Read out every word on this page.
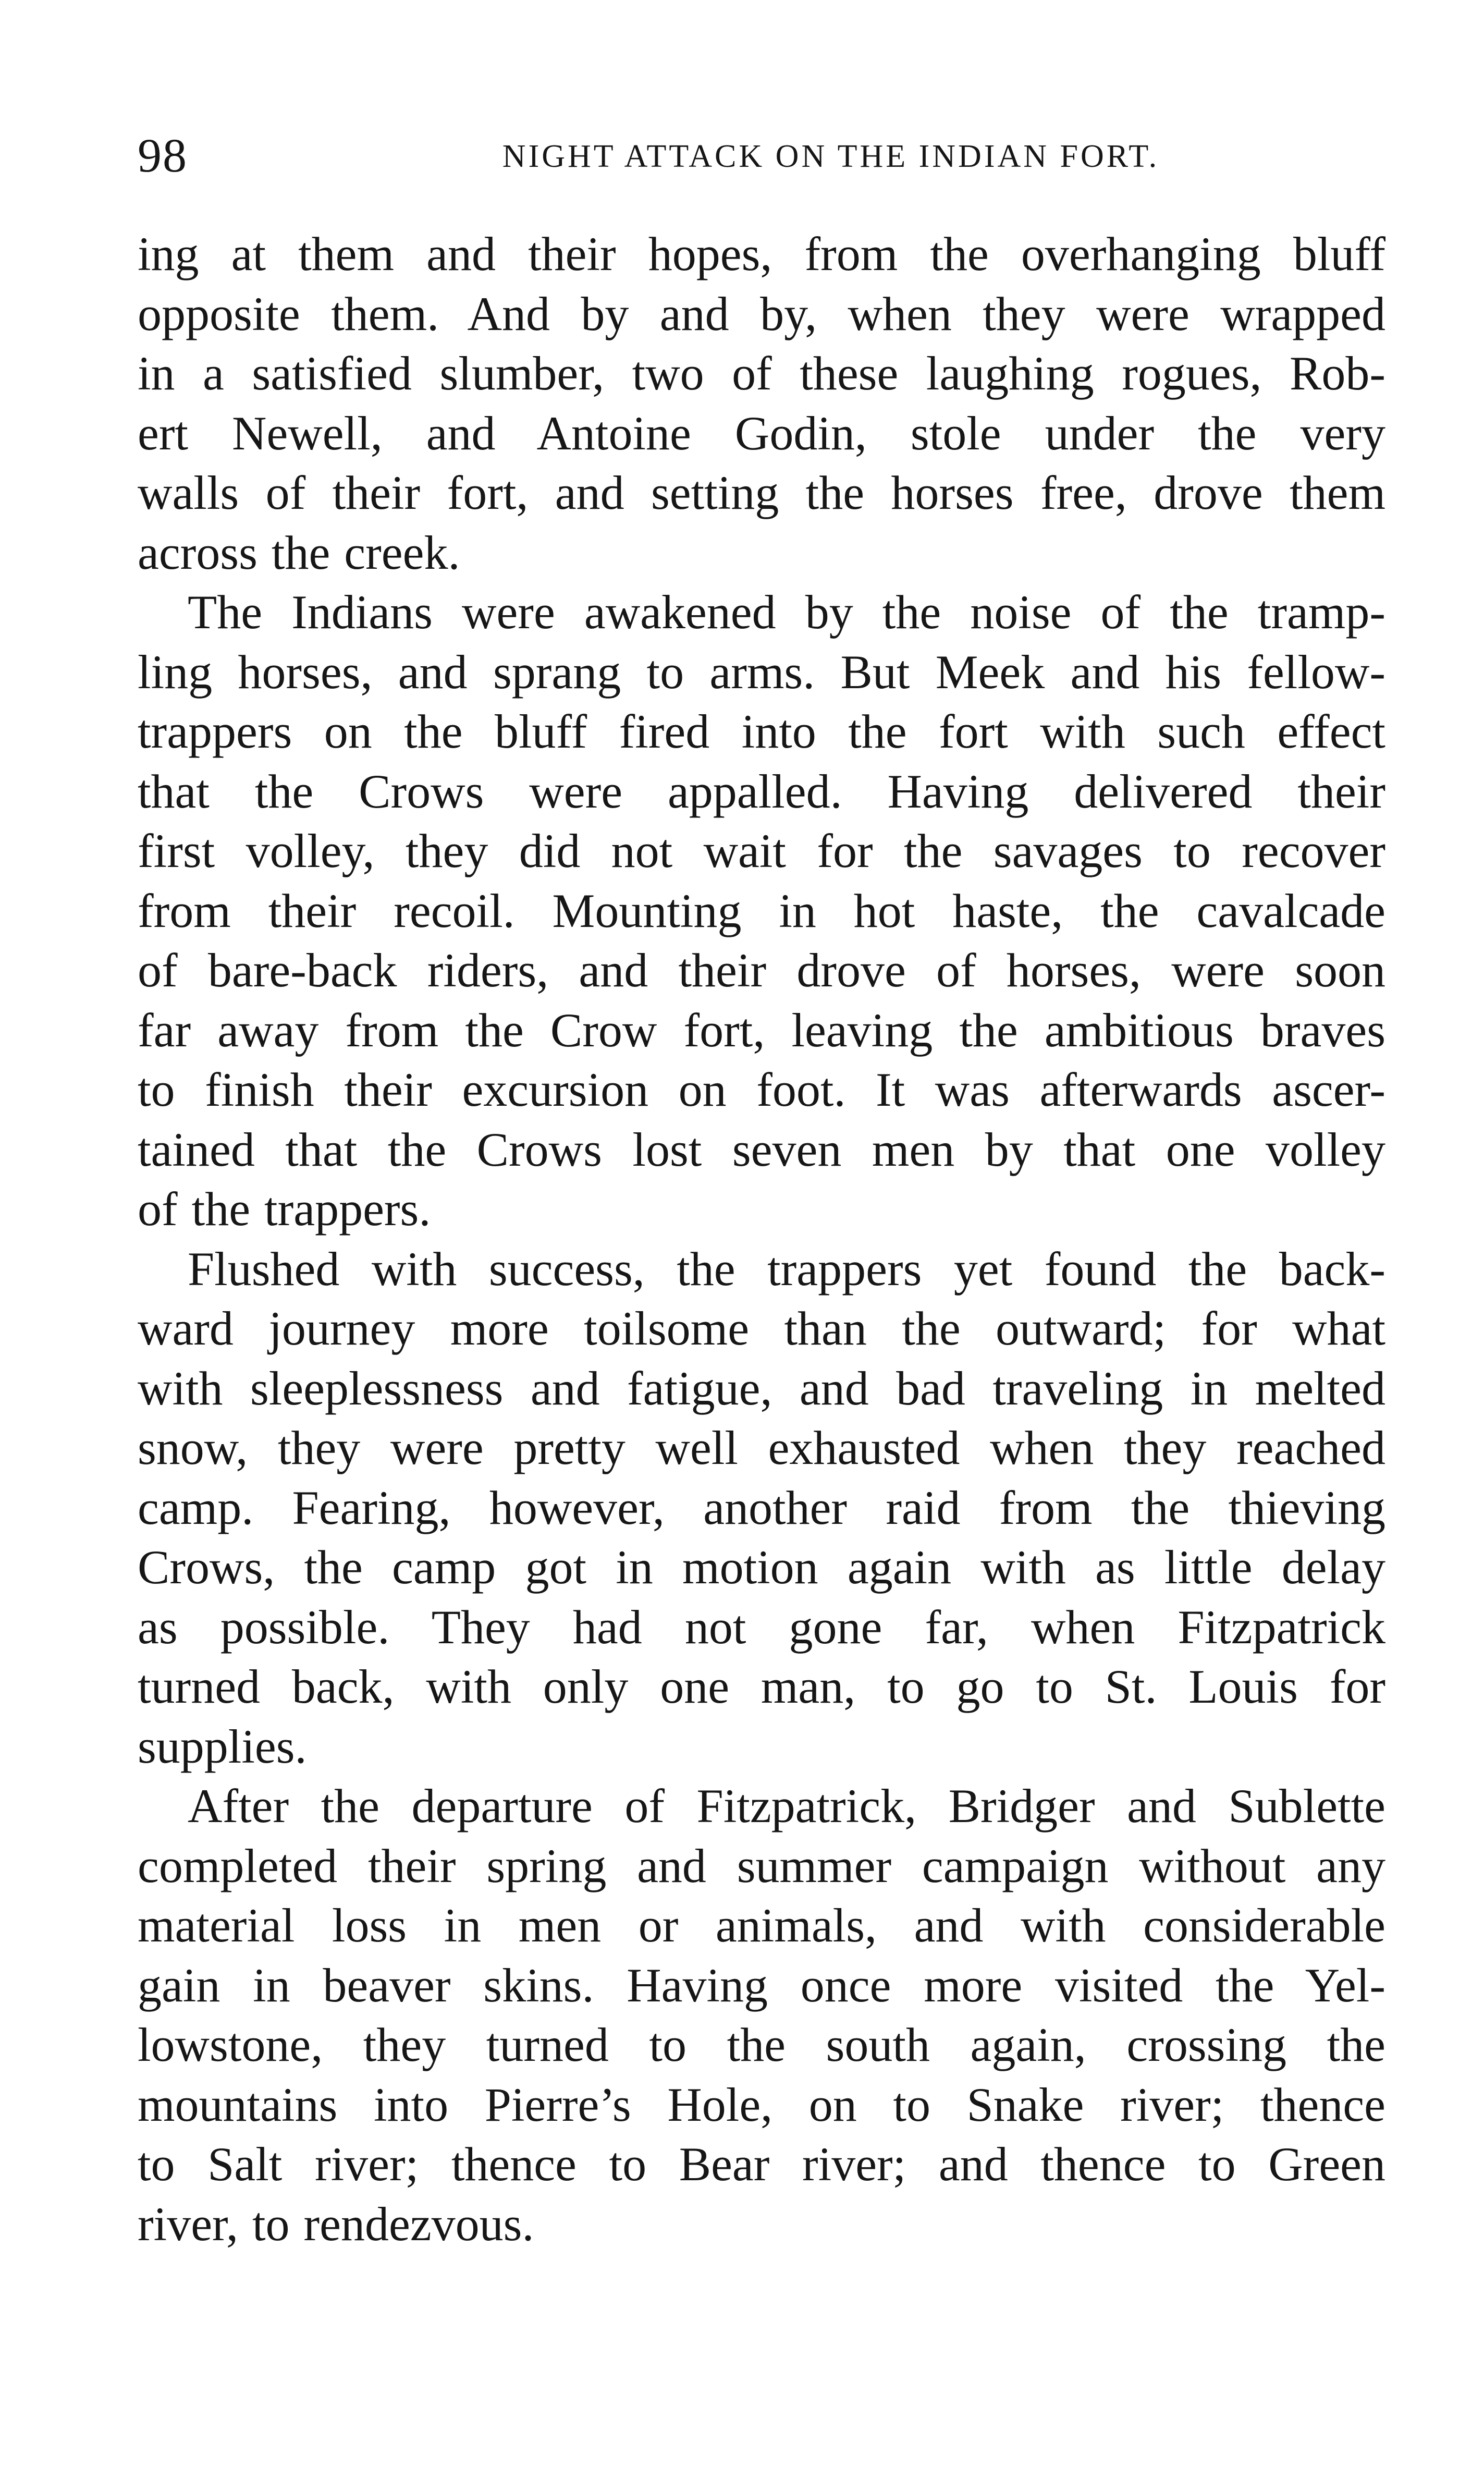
98	NIGHT ATTACK ON THE INDIAN FORT.
ing at them and their hopes, from the overhanging bluff
opposite them. And by and by, when they were wrapped
in a satisfied slumber, two of these laughing rogues, Rob-
ert Newell, and Antoine Godin, stole under the very
walls of their fort, and setting the horses free, drove them
across the creek.
The Indians were awakened by the noise of the tramp-
ling horses, and sprang to arms. But Meek and his fellow-
trappers on the bluff fired into the fort with such effect
that the Crows were appalled. Having delivered their
first volley, they did not wait for the savages to recover
from their recoil. Mounting in hot haste, the cavalcade
of bare-back riders, and their drove of horses, were soon
far away from the Crow fort, leaving the ambitious braves
to finish their excursion on foot. It was afterwards ascer-
tained that the Crows lost seven men by that one volley
of the trappers.
Flushed with success, the trappers yet found the back-
ward journey more toilsome than the outward; for what
with sleeplessness and fatigue, and bad traveling in melted
snow, they were pretty well exhausted when they reached
camp. Fearing, however, another raid from the thieving
Crows, the camp got in motion again with as little delay
as possible. They had not gone far, when Fitzpatrick
turned back, with only one man, to go to St. Louis for
supplies.
After the departure of Fitzpatrick, Bridger and Sublette
completed their spring and summer campaign without any
material loss in men or animals, and with considerable
gain in beaver skins. Having once more visited the Yel-
lowstone, they turned to the south again, crossing the
mountains into Pierre’s Hole, on to Snake river; thence
to Salt river; thence to Bear river; and thence to Green
river, to rendezvous.
